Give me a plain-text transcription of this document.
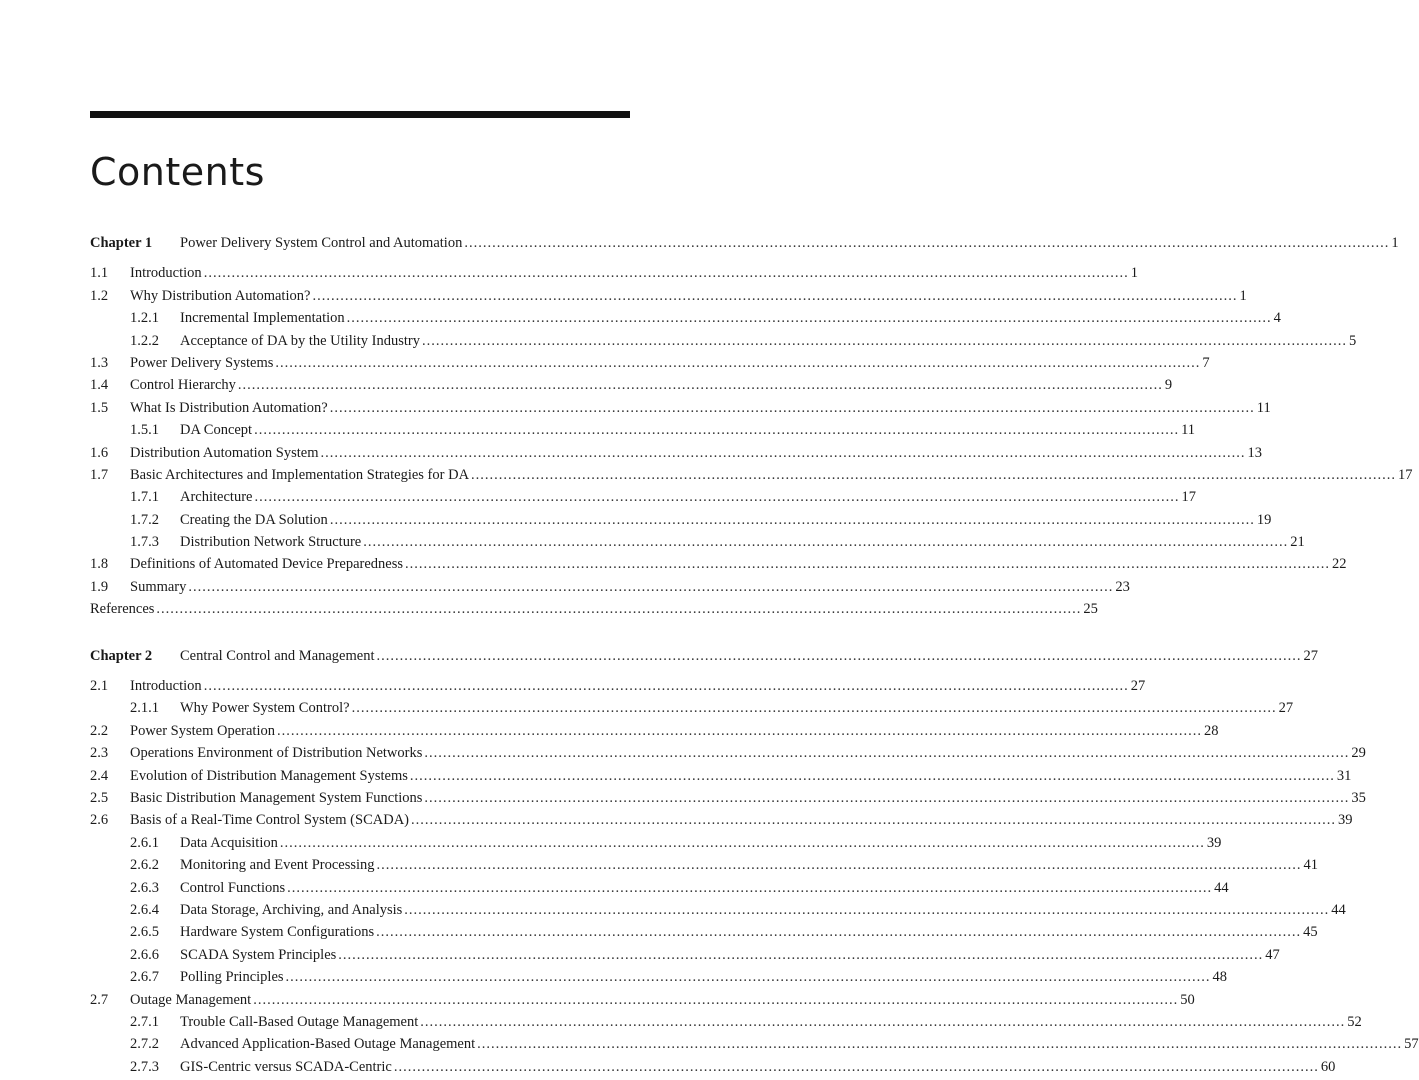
Contents
Chapter 1	Power Delivery System Control and Automation .....	1
1.1	Introduction .....	1
1.2	Why Distribution Automation? .....	1
1.2.1	Incremental Implementation .....	4
1.2.2	Acceptance of DA by the Utility Industry .....	5
1.3	Power Delivery Systems .....	7
1.4	Control Hierarchy .....	9
1.5	What Is Distribution Automation? .....	11
1.5.1	DA Concept .....	11
1.6	Distribution Automation System .....	13
1.7	Basic Architectures and Implementation Strategies for DA .....	17
1.7.1	Architecture .....	17
1.7.2	Creating the DA Solution .....	19
1.7.3	Distribution Network Structure .....	21
1.8	Definitions of Automated Device Preparedness .....	22
1.9	Summary .....	23
References .....	25
Chapter 2	Central Control and Management .....	27
2.1	Introduction .....	27
2.1.1	Why Power System Control? .....	27
2.2	Power System Operation .....	28
2.3	Operations Environment of Distribution Networks .....	29
2.4	Evolution of Distribution Management Systems .....	31
2.5	Basic Distribution Management System Functions .....	35
2.6	Basis of a Real-Time Control System (SCADA) .....	39
2.6.1	Data Acquisition .....	39
2.6.2	Monitoring and Event Processing .....	41
2.6.3	Control Functions .....	44
2.6.4	Data Storage, Archiving, and Analysis .....	44
2.6.5	Hardware System Configurations .....	45
2.6.6	SCADA System Principles .....	47
2.6.7	Polling Principles .....	48
2.7	Outage Management .....	50
2.7.1	Trouble Call-Based Outage Management .....	52
2.7.2	Advanced Application-Based Outage Management .....	57
2.7.3	GIS-Centric versus SCADA-Centric .....	60
